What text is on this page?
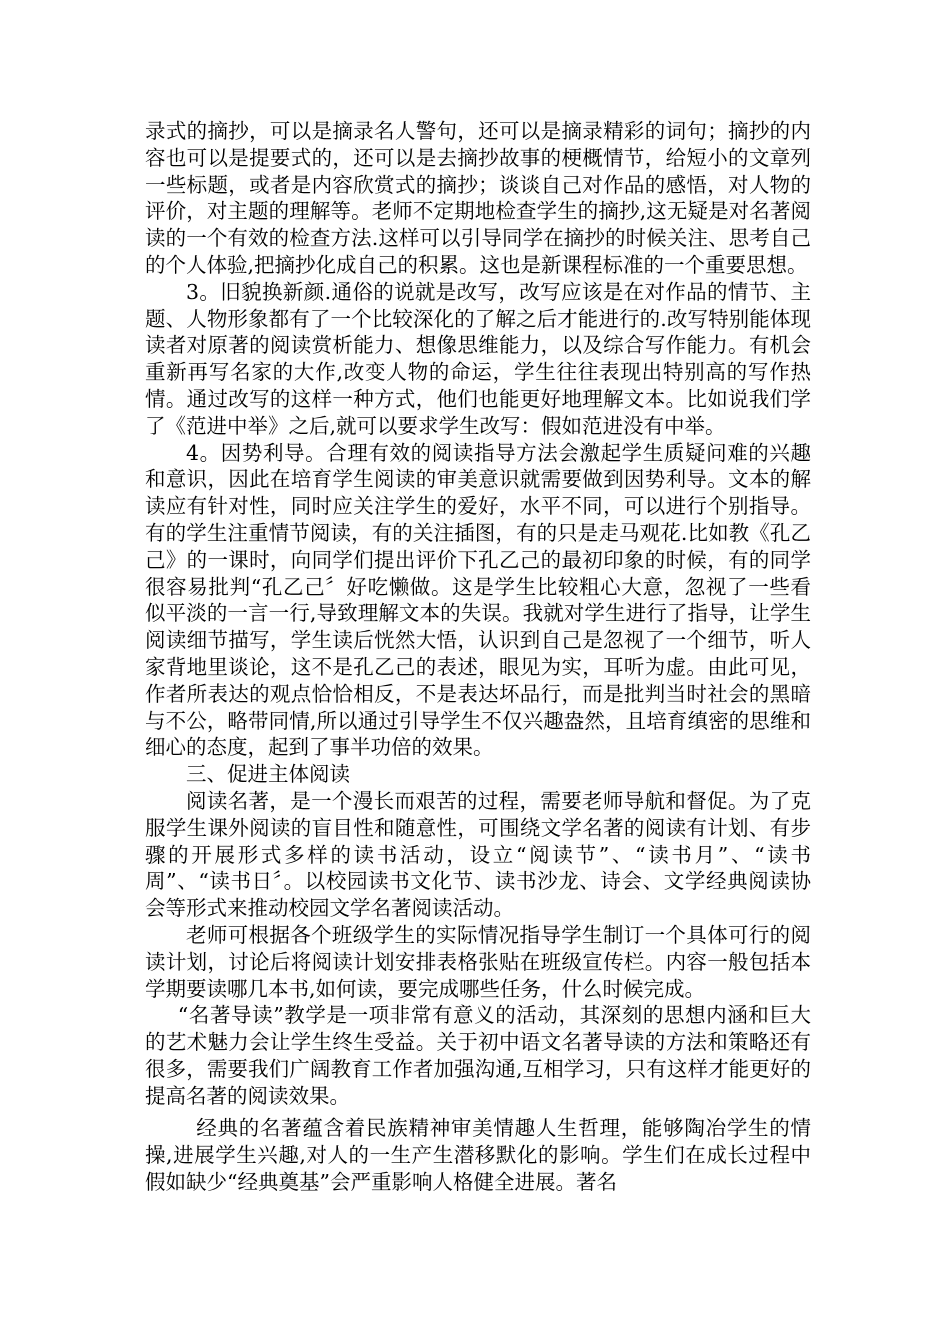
录式的摘抄，可以是摘录名人警句，还可以是摘录精彩的词句；摘抄的内容也可以是提要式的，还可以是去摘抄故事的梗概情节，给短小的文章列一些标题，或者是内容欣赏式的摘抄；谈谈自己对作品的感悟，对人物的评价，对主题的理解等。老师不定期地检查学生的摘抄,这无疑是对名著阅读的一个有效的检查方法.这样可以引导同学在摘抄的时候关注、思考自己的个人体验,把摘抄化成自己的积累。这也是新课程标准的一个重要思想。

3。旧貌换新颜.通俗的说就是改写，改写应该是在对作品的情节、主题、人物形象都有了一个比较深化的了解之后才能进行的.改写特别能体现读者对原著的阅读赏析能力、想像思维能力，以及综合写作能力。有机会重新再写名家的大作,改变人物的命运，学生往往表现出特别高的写作热情。通过改写的这样一种方式，他们也能更好地理解文本。比如说我们学了《范进中举》之后,就可以要求学生改写：假如范进没有中举。

4。因势利导。合理有效的阅读指导方法会激起学生质疑问难的兴趣和意识，因此在培育学生阅读的审美意识就需要做到因势利导。文本的解读应有针对性，同时应关注学生的爱好，水平不同，可以进行个别指导。有的学生注重情节阅读，有的关注插图，有的只是走马观花.比如教《孔乙己》的一课时，向同学们提出评价下孔乙己的最初印象的时候，有的同学很容易批判“孔乙己〞好吃懒做。这是学生比较粗心大意，忽视了一些看似平淡的一言一行,导致理解文本的失误。我就对学生进行了指导，让学生阅读细节描写，学生读后恍然大悟，认识到自己是忽视了一个细节，听人家背地里谈论，这不是孔乙己的表述，眼见为实，耳听为虚。由此可见，作者所表达的观点恰恰相反，不是表达坏品行，而是批判当时社会的黑暗与不公，略带同情,所以通过引导学生不仅兴趣盎然，且培育缜密的思维和细心的态度，起到了事半功倍的效果。

三、促进主体阅读

阅读名著，是一个漫长而艰苦的过程，需要老师导航和督促。为了克服学生课外阅读的盲目性和随意性，可围绕文学名著的阅读有计划、有步骤的开展形式多样的读书活动，设立“阅读节”、“读书月”、“读书周”、“读书日〞。以校园读书文化节、读书沙龙、诗会、文学经典阅读协会等形式来推动校园文学名著阅读活动。

老师可根据各个班级学生的实际情况指导学生制订一个具体可行的阅读计划，讨论后将阅读计划安排表格张贴在班级宣传栏。内容一般包括本学期要读哪几本书,如何读，要完成哪些任务，什么时候完成。

“名著导读”教学是一项非常有意义的活动，其深刻的思想内涵和巨大的艺术魅力会让学生终生受益。关于初中语文名著导读的方法和策略还有很多，需要我们广阔教育工作者加强沟通,互相学习，只有这样才能更好的提高名著的阅读效果。

经典的名著蕴含着民族精神审美情趣人生哲理，能够陶冶学生的情操,进展学生兴趣,对人的一生产生潜移默化的影响。学生们在成长过程中假如缺少“经典奠基”会严重影响人格健全进展。著名
